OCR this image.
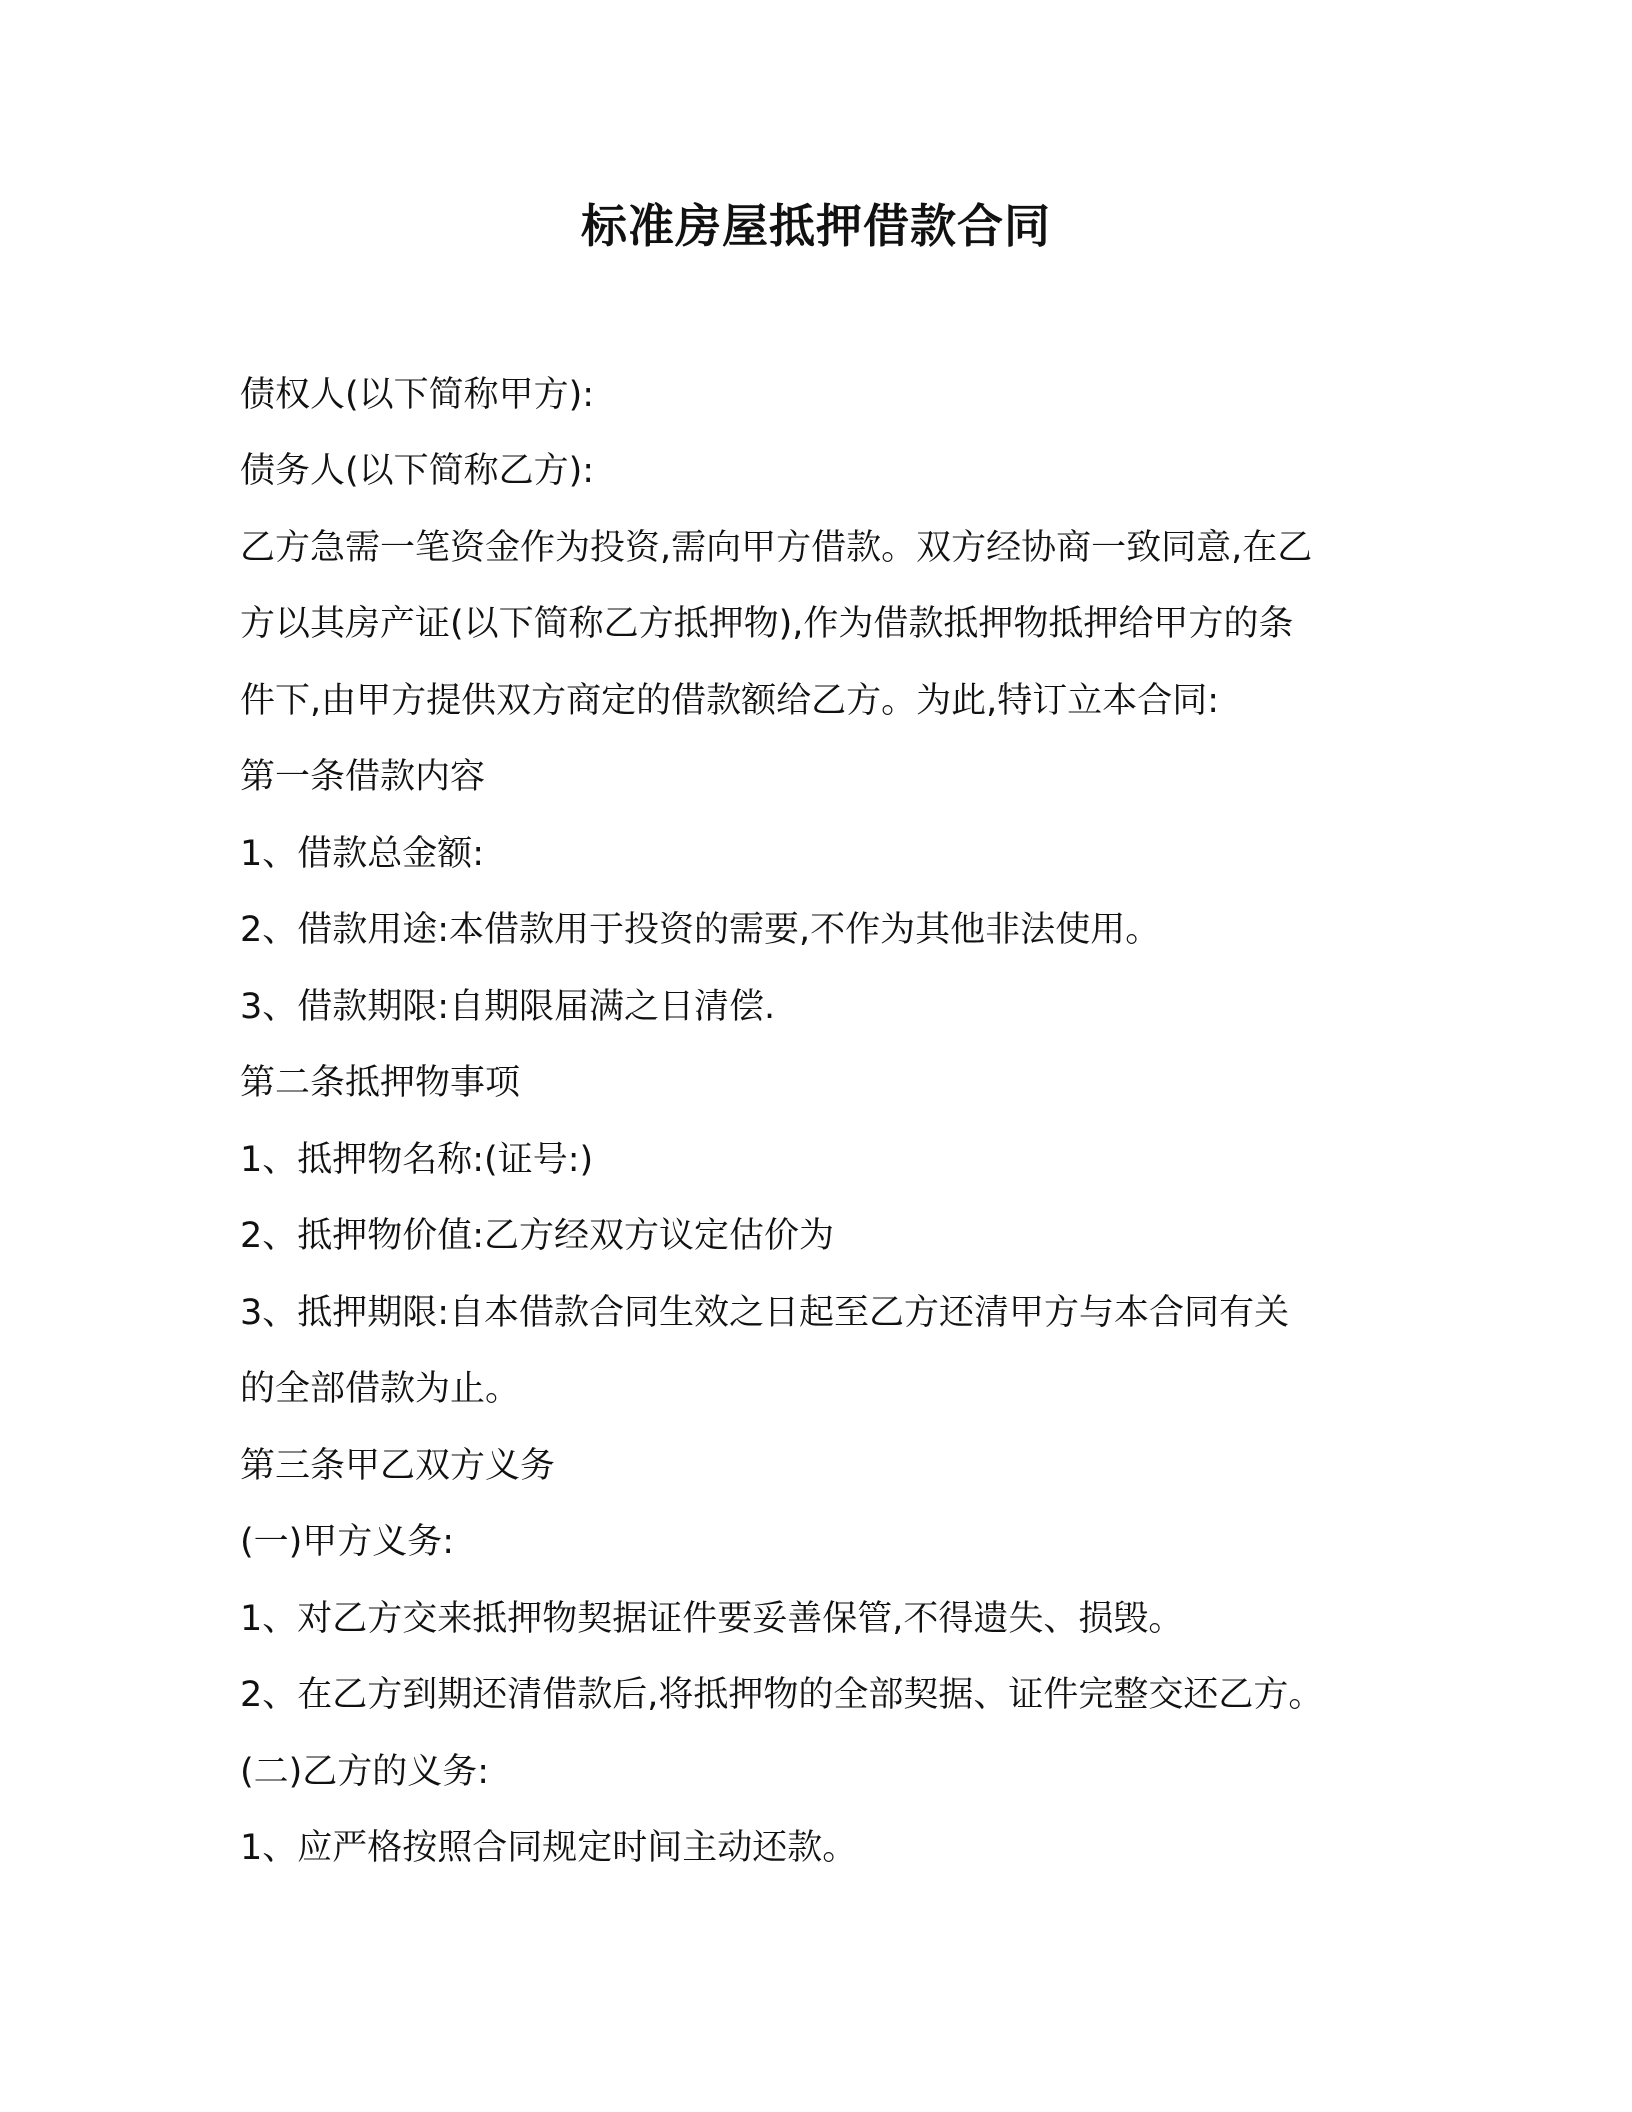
标准房屋抵押借款合同
债权人(以下简称甲方):
债务人(以下简称乙方):
乙方急需一笔资金作为投资,需向甲方借款。双方经协商一致同意,在乙
方以其房产证(以下简称乙方抵押物),作为借款抵押物抵押给甲方的条
件下,由甲方提供双方商定的借款额给乙方。为此,特订立本合同:
第一条借款内容
1、借款总金额:
2、借款用途:本借款用于投资的需要,不作为其他非法使用。
3、借款期限:自期限届满之日清偿.
第二条抵押物事项
1、抵押物名称:(证号:)
2、抵押物价值:乙方经双方议定估价为
3、抵押期限:自本借款合同生效之日起至乙方还清甲方与本合同有关
的全部借款为止。
第三条甲乙双方义务
(一)甲方义务:
1、对乙方交来抵押物契据证件要妥善保管,不得遗失、损毁。
2、在乙方到期还清借款后,将抵押物的全部契据、证件完整交还乙方。
(二)乙方的义务:
1、应严格按照合同规定时间主动还款。
